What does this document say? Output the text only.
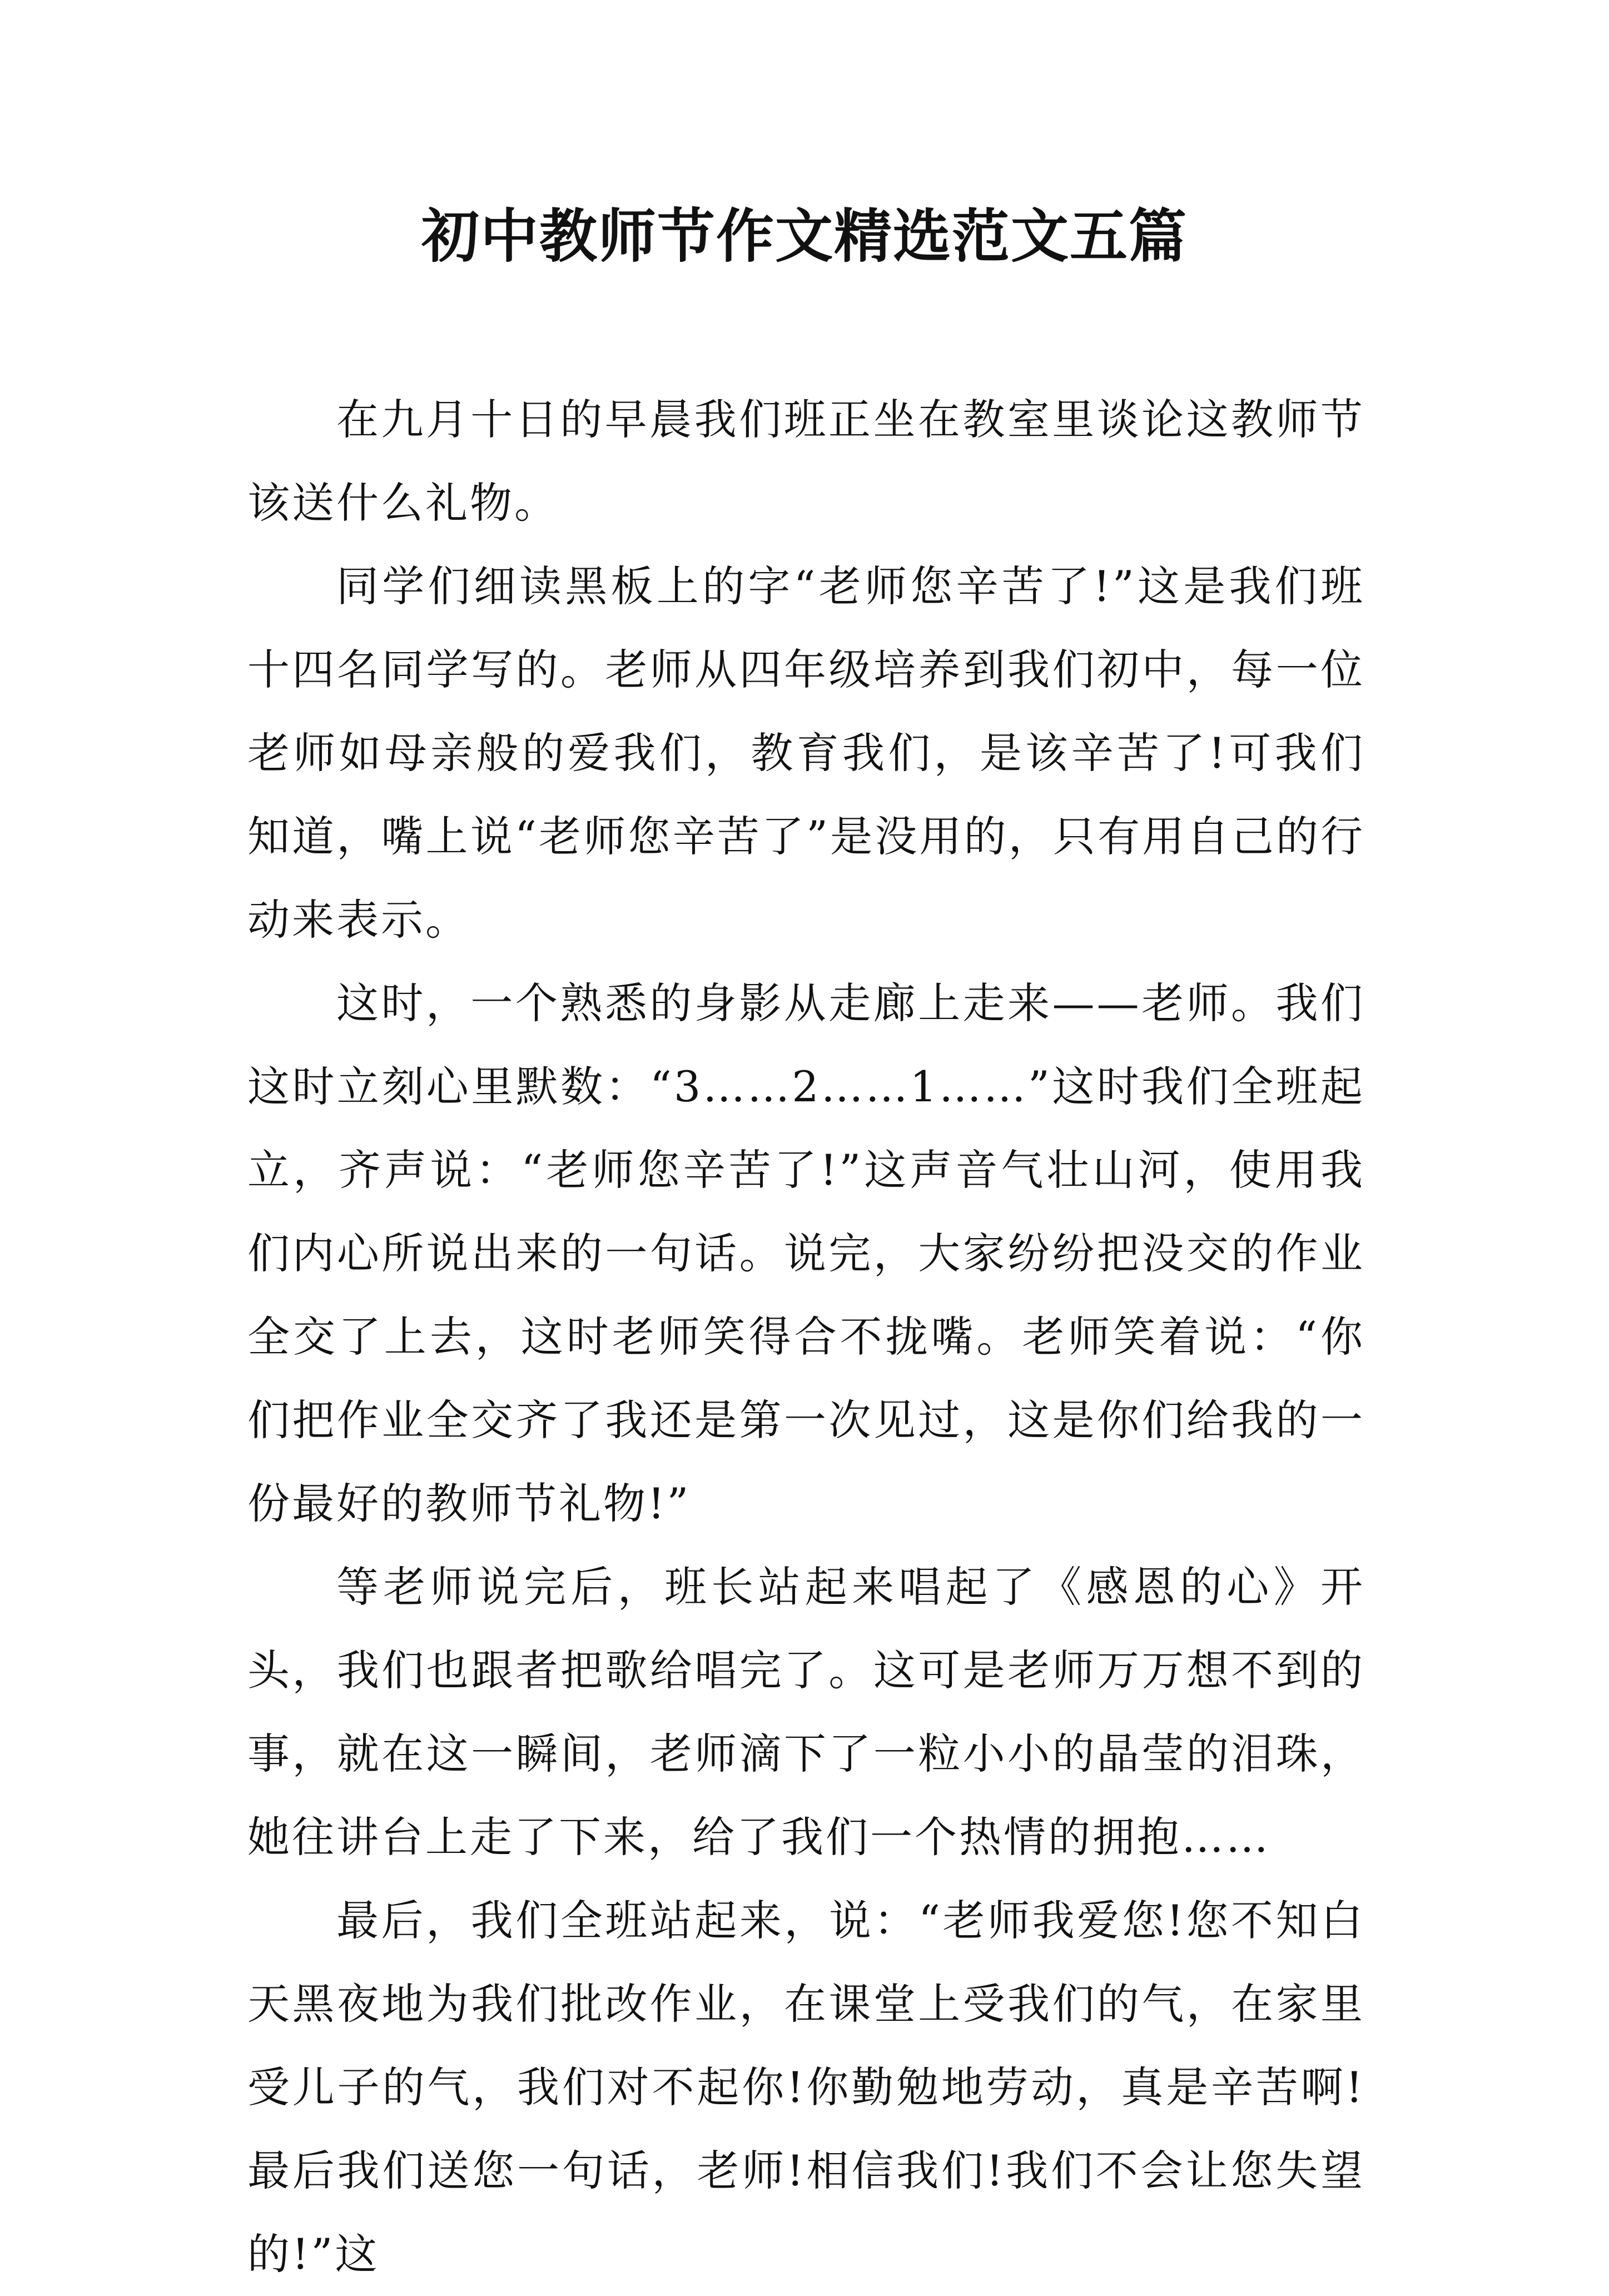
初中教师节作文精选范文五篇

在九月十日的早晨我们班正坐在教室里谈论这教师节该送什么礼物。

同学们细读黑板上的字“老师您辛苦了!”这是我们班十四名同学写的。老师从四年级培养到我们初中，每一位老师如母亲般的爱我们，教育我们，是该辛苦了!可我们知道，嘴上说“老师您辛苦了”是没用的，只有用自己的行动来表示。

这时，一个熟悉的身影从走廊上走来——老师。我们这时立刻心里默数：“3……2……1……”这时我们全班起立，齐声说：“老师您辛苦了!”这声音气壮山河，使用我们内心所说出来的一句话。说完，大家纷纷把没交的作业全交了上去，这时老师笑得合不拢嘴。老师笑着说：“你们把作业全交齐了我还是第一次见过，这是你们给我的一份最好的教师节礼物!”

等老师说完后，班长站起来唱起了《感恩的心》开头，我们也跟者把歌给唱完了。这可是老师万万想不到的事，就在这一瞬间，老师滴下了一粒小小的晶莹的泪珠，她往讲台上走了下来，给了我们一个热情的拥抱……

最后，我们全班站起来，说：“老师我爱您!您不知白天黑夜地为我们批改作业，在课堂上受我们的气，在家里受儿子的气，我们对不起你!你勤勉地劳动，真是辛苦啊!最后我们送您一句话，老师!相信我们!我们不会让您失望的!”这
